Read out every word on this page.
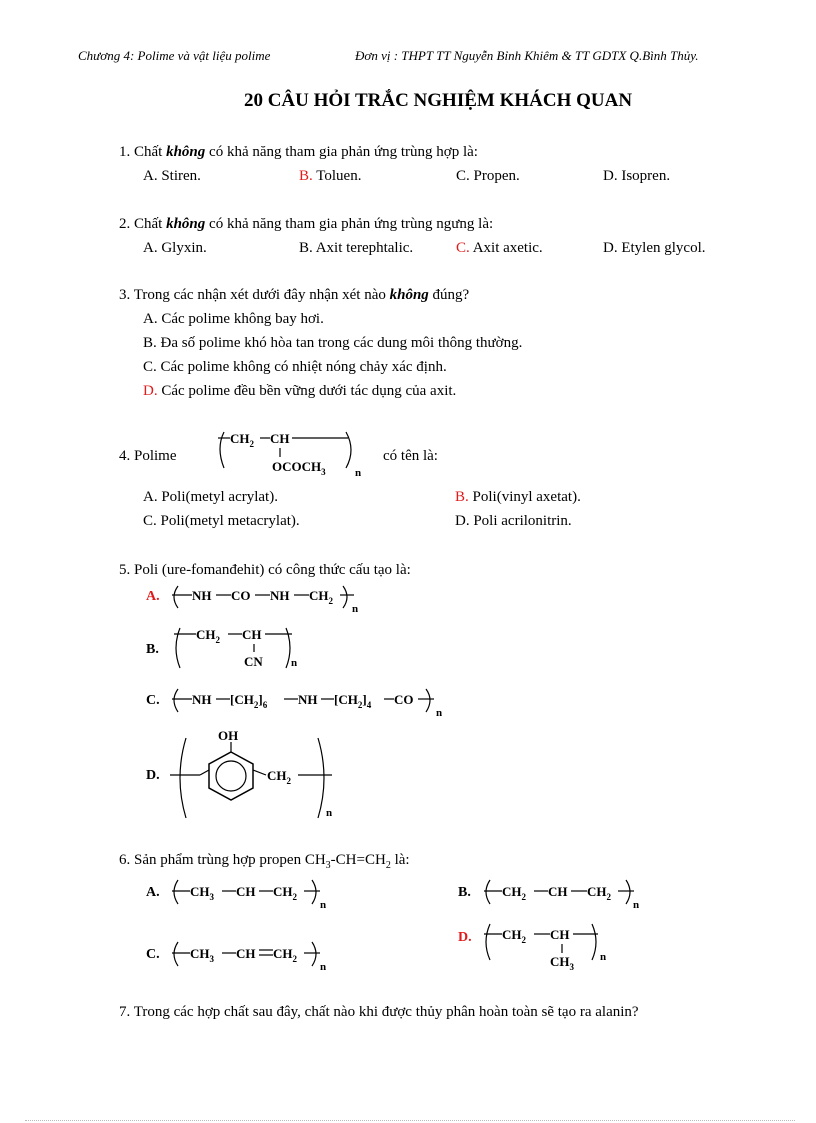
Chương 4: Polime và vật liệu polime	Đơn vị : THPT TT Nguyễn Bỉnh Khiêm & TT GDTX Q.Bình Thủy.
20 CÂU HỎI TRẮC NGHIỆM KHÁCH QUAN
1. Chất không có khả năng tham gia phản ứng trùng hợp là:
A. Stiren.	B. Toluen.	C. Propen.	D. Isopren.
2. Chất không có khả năng tham gia phản ứng trùng ngưng là:
A. Glyxin.	B. Axit terephtalic.	C. Axit axetic.	D. Etylen glycol.
3. Trong các nhận xét dưới đây nhận xét nào không đúng?
A. Các polime không bay hơi.
B. Đa số polime khó hòa tan trong các dung môi thông thường.
C. Các polime không có nhiệt nóng chảy xác định.
D. Các polime đều bền vững dưới tác dụng của axit.
4. Polime
$CH_2$ CH
$OCOCH_3$	n
có tên là:
A. Poli(metyl acrylat).	B. Poli(vinyl axetat).
C. Poli(metyl metacrylat).	D. Poli acrilonitrin.
5. Poli (ure-fomanđehit) có công thức cấu tạo là:
A. NH CO NH $CH_2$
n
B.
$CH_2$ CH
CN	n
C. NH $[CH_2]_6$ NH $[CH_2]_4$ CO
n
D.
OH
$CH_2$
n
6. Sản phẩm trùng hợp propen $CH_3-CH=CH_2$ là:
A. $CH_3$ CH $CH_2$
n
B. $CH_2$ CH $CH_2$
n
C. $CH_3$ CH $CH_2$
n
D. $CH_2$ CH
$CH_3$
n
7. Trong các hợp chất sau đây, chất nào khi được thủy phân hoàn toàn sẽ tạo ra alanin?
